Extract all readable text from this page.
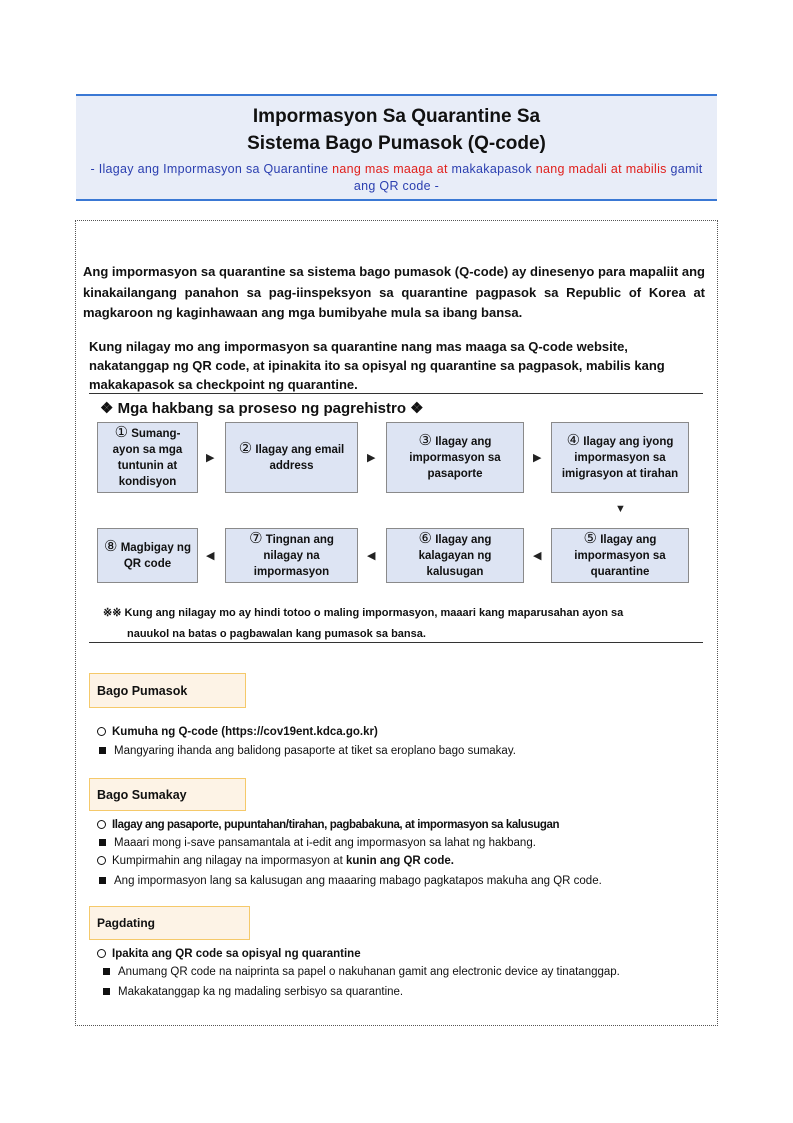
Impormasyon Sa Quarantine Sa
Sistema Bago Pumasok (Q-code)
- Ilagay ang Impormasyon sa Quarantine nang mas maaga at makakapasok nang madali at mabilis gamit ang QR code -
Ang impormasyon sa quarantine sa sistema bago pumasok (Q-code) ay dinesenyo para mapaliit ang kinakailangang panahon sa pag-iinspeksyon sa quarantine pagpasok sa Republic of Korea at magkaroon ng kaginhawaan ang mga bumibyahe mula sa ibang bansa.
Kung nilagay mo ang impormasyon sa quarantine nang mas maaga sa Q-code website, nakatanggap ng QR code, at ipinakita ito sa opisyal ng quarantine sa pagpasok, mabilis kang makakapasok sa checkpoint ng quarantine.
❖ Mga hakbang sa proseso ng pagrehistro ❖
① Sumang-ayon sa mga tuntunin at kondisyon
▶
② Ilagay ang email address
▶
③ Ilagay ang impormasyon sa pasaporte
▶
④ Ilagay ang iyong impormasyon sa imigrasyon at tirahan
▼
⑧ Magbigay ng QR code
◀
⑦ Tingnan ang nilagay na impormasyon
◀
⑥ Ilagay ang kalagayan ng kalusugan
◀
⑤ Ilagay ang impormasyon sa quarantine
※※ Kung ang nilagay mo ay hindi totoo o maling impormasyon, maaari kang maparusahan ayon sa
nauukol na batas o pagbawalan kang pumasok sa bansa.
Bago Pumasok
Kumuha ng Q-code (https://cov19ent.kdca.go.kr)
Mangyaring ihanda ang balidong pasaporte at tiket sa eroplano bago sumakay.
Bago Sumakay
Ilagay ang pasaporte, pupuntahan/tirahan, pagbabakuna, at impormasyon sa kalusugan
Maaari mong i-save pansamantala at i-edit ang impormasyon sa lahat ng hakbang.
Kumpirmahin ang nilagay na impormasyon at kunin ang QR code.
Ang impormasyon lang sa kalusugan ang maaaring mabago pagkatapos makuha ang QR code.
Pagdating
Ipakita ang QR code sa opisyal ng quarantine
Anumang QR code na naiprinta sa papel o nakuhanan gamit ang electronic device ay tinatanggap.
Makakatanggap ka ng madaling serbisyo sa quarantine.
